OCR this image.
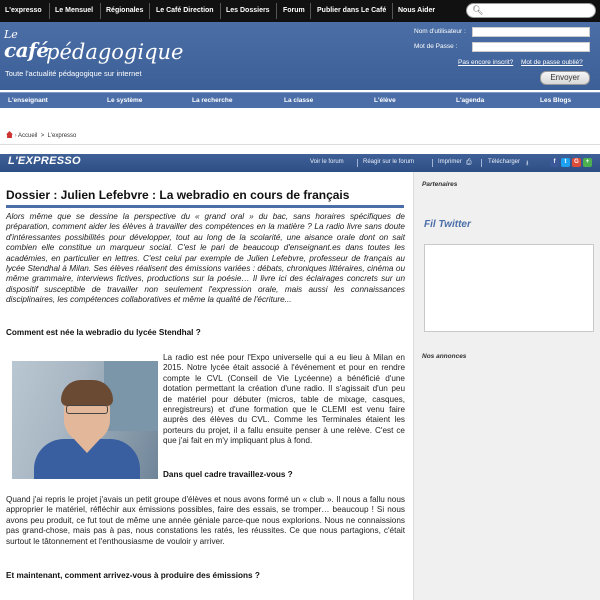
L'expresso Le Mensuel Régionales Le Café Direction Les Dossiers Forum Publier dans Le Café Nous Aider	🔍︎
Le
café
pédagogique
Toute l'actualité pédagogique sur internet
Nom d'utilisateur :
Mot de Passe :
Pas encore inscrit? Mot de passe oublié?
Envoyer
L'enseignant	Le système	La recherche	La classe	L'élève	L'agenda	Les Blogs
› Accueil  >  L'expresso
L'EXPRESSO	Voir le forum	Réagir sur le forum	Imprimer ⎙	Télécharger ⭳	f	t	G	+
Dossier : Julien Lefebvre : La webradio en cours de français
Alors même que se dessine la perspective du « grand oral » du bac, sans horaires spécifiques de préparation, comment aider les élèves à travailler des compétences en la matière ? La radio livre sans doute d'intéressantes possibilités pour développer, tout au long de la scolarité, une aisance orale dont on sait combien elle constitue un marqueur social. C'est le pari de beaucoup d'enseignant.es dans toutes les académies, en particulier en lettres. C'est celui par exemple de Julien Lefebvre, professeur de français au lycée Stendhal à Milan. Ses élèves réalisent des émissions variées : débats, chroniques littéraires, cinéma ou même grammaire, interviews fictives, productions sur la poésie… Il livre ici des éclairages concrets sur un dispositif susceptible de travailler non seulement l'expression orale, mais aussi les connaissances disciplinaires, les compétences collaboratives et même la qualité de l'écriture...
Comment est née la webradio du lycée Stendhal ?
La radio est née pour l'Expo universelle qui a eu lieu à Milan en 2015. Notre lycée était associé à l'événement et pour en rendre compte le CVL (Conseil de Vie Lycéenne) a bénéficié d'une dotation permettant la création d'une radio. Il s'agissait d'un peu de matériel pour débuter (micros, table de mixage, casques, enregistreurs) et d'une formation que le CLEMI est venu faire auprès des élèves du CVL. Comme les Terminales étaient les porteurs du projet, il a fallu ensuite penser à une relève. C'est ce que j'ai fait en m'y impliquant plus à fond.
Dans quel cadre travaillez-vous ?
Quand j'ai repris le projet j'avais un petit groupe d'élèves et nous avons formé un « club ». Il nous a fallu nous approprier le matériel, réfléchir aux émissions possibles, faire des essais, se tromper… beaucoup ! Si nous avons peu produit, ce fut tout de même une année géniale parce-que nous explorions. Nous ne connaissions pas grand-chose, mais pas à pas, nous constations les ratés, les réussites. Ce que nous partagions, c'était surtout le tâtonnement et l'enthousiasme de vouloir y arriver.
Et maintenant, comment arrivez-vous à produire des émissions ?
Partenaires
Fil Twitter
Nos annonces
